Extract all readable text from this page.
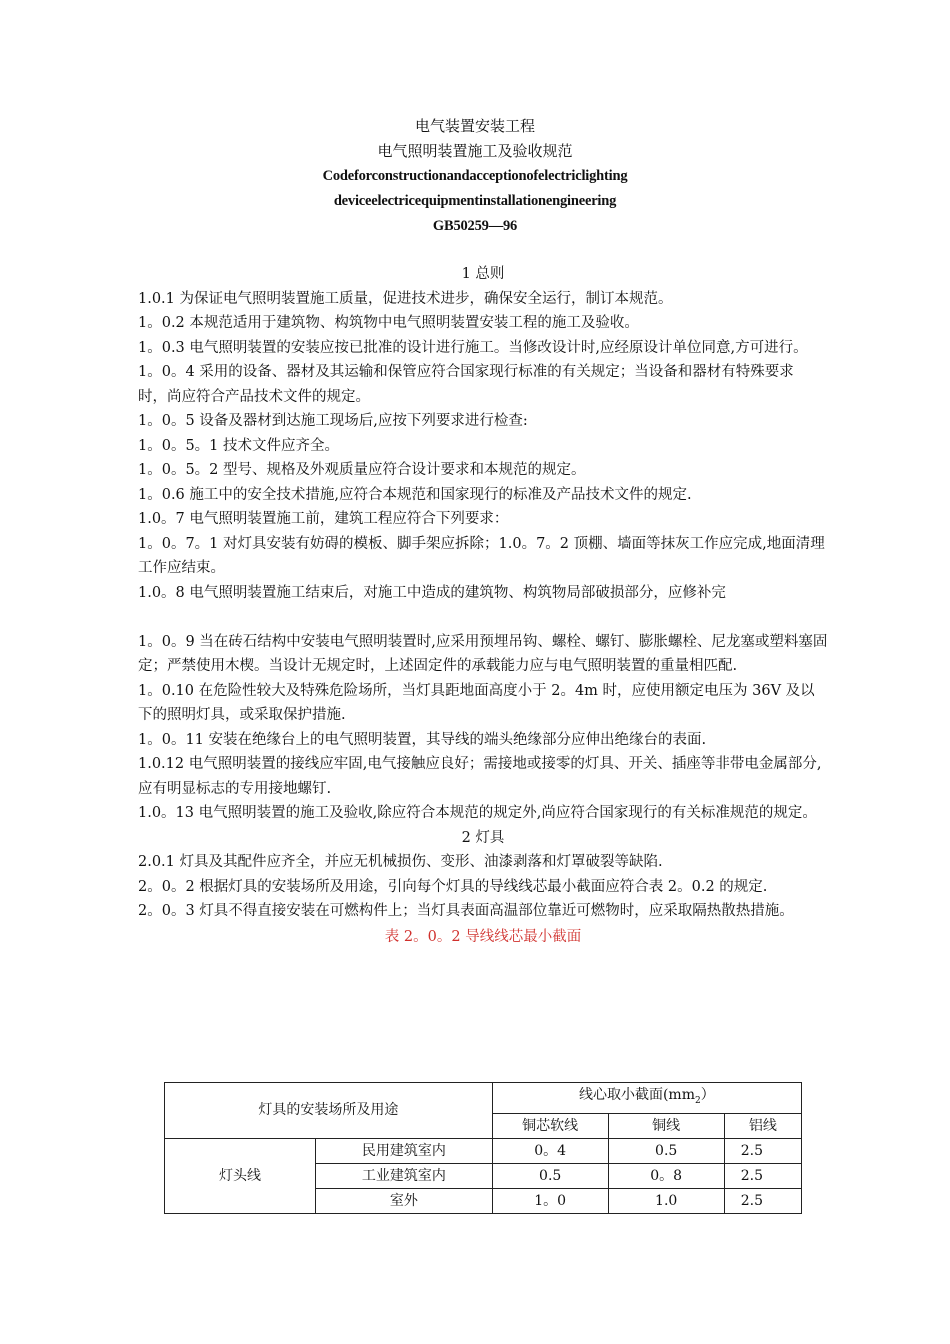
电气装置安装工程
电气照明装置施工及验收规范
Codeforconstructionandacceptionofelectriclighting
deviceelectricequipmentinstallationengineering
GB50259—96

1 总则

1.0.1 为保证电气照明装置施工质量，促进技术进步，确保安全运行，制订本规范。

1。0.2 本规范适用于建筑物、构筑物中电气照明装置安装工程的施工及验收。

1。0.3 电气照明装置的安装应按已批准的设计进行施工。当修改设计时,应经原设计单位同意,方可进行。

1。0。4 采用的设备、器材及其运输和保管应符合国家现行标准的有关规定；当设备和器材有特殊要求时，尚应符合产品技术文件的规定。

1。0。5 设备及器材到达施工现场后,应按下列要求进行检查:

1。0。5。1 技术文件应齐全。

1。0。5。2 型号、规格及外观质量应符合设计要求和本规范的规定。

1。0.6 施工中的安全技术措施,应符合本规范和国家现行的标准及产品技术文件的规定.

1.0。7 电气照明装置施工前，建筑工程应符合下列要求：

1。0。7。1 对灯具安装有妨碍的模板、脚手架应拆除；1.0。7。2 顶棚、墙面等抹灰工作应完成,地面清理工作应结束。

1.0。8 电气照明装置施工结束后，对施工中造成的建筑物、构筑物局部破损部分，应修补完

1。0。9 当在砖石结构中安装电气照明装置时,应采用预埋吊钩、螺栓、螺钉、膨胀螺栓、尼龙塞或塑料塞固定；严禁使用木楔。当设计无规定时，上述固定件的承载能力应与电气照明装置的重量相匹配.

1。0.10 在危险性较大及特殊危险场所，当灯具距地面高度小于 2。4m 时，应使用额定电压为 36V 及以下的照明灯具，或采取保护措施.

1。0。11 安装在绝缘台上的电气照明装置，其导线的端头绝缘部分应伸出绝缘台的表面.

1.0.12 电气照明装置的接线应牢固,电气接触应良好；需接地或接零的灯具、开关、插座等非带电金属部分,应有明显标志的专用接地螺钉.

1.0。13 电气照明装置的施工及验收,除应符合本规范的规定外,尚应符合国家现行的有关标准规范的规定。

2 灯具

2.0.1 灯具及其配件应齐全，并应无机械损伤、变形、油漆剥落和灯罩破裂等缺陷.

2。0。2 根据灯具的安装场所及用途，引向每个灯具的导线线芯最小截面应符合表 2。0.2 的规定.

2。0。3 灯具不得直接安装在可燃构件上；当灯具表面高温部位靠近可燃物时，应采取隔热散热措施。

表 2。0。2 导线线芯最小截面

灯具的安装场所及用途		线心取小截面$(mm_2)$		
		铜芯软线	铜线	铝线
灯头线	民用建筑室内	0。4	0.5	2.5
	工业建筑室内	0.5	0。8	2.5
	室外	1。0	1.0	2.5
